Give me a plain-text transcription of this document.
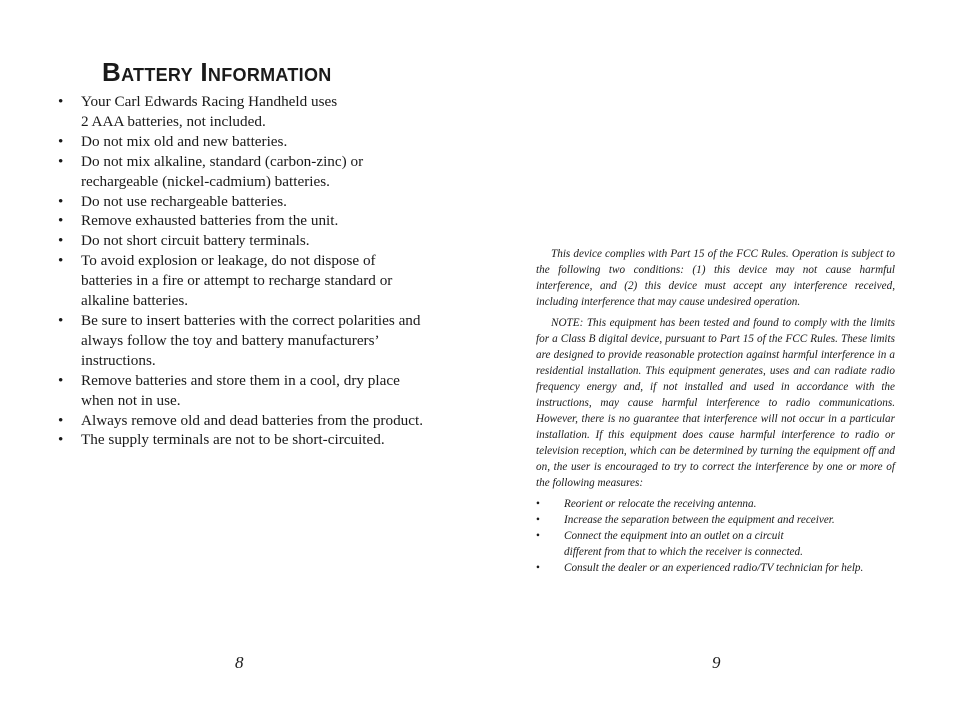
Battery Information
• Your Carl Edwards Racing Handheld uses
2 AAA batteries, not included.
• Do not mix old and new batteries.
• Do not mix alkaline, standard (carbon-zinc) or rechargeable (nickel-cadmium) batteries.
• Do not use rechargeable batteries.
• Remove exhausted batteries from the unit.
• Do not short circuit battery terminals.
• To avoid explosion or leakage, do not dispose of batteries in a fire or attempt to recharge standard or alkaline batteries.
• Be sure to insert batteries with the correct polarities and always follow the toy and battery manufacturers’ instructions.
• Remove batteries and store them in a cool, dry place when not in use.
• Always remove old and dead batteries from the product.
• The supply terminals are not to be short-circuited.
8

This device complies with Part 15 of the FCC Rules. Operation is subject to the following two conditions: (1) this device may not cause harmful interference, and (2) this device must accept any interference received, including interference that may cause undesired operation.

NOTE: This equipment has been tested and found to comply with the limits for a Class B digital device, pursuant to Part 15 of the FCC Rules. These limits are designed to provide reasonable protection against harmful interference in a residential installation. This equipment generates, uses and can radiate radio frequency energy and, if not installed and used in accordance with the instructions, may cause harmful interference to radio communications. However, there is no guarantee that interference will not occur in a particular installation. If this equipment does cause harmful interference to radio or television reception, which can be determined by turning the equipment off and on, the user is encouraged to try to correct the interference by one or more of the following measures:

• Reorient or relocate the receiving antenna.
• Increase the separation between the equipment and receiver.
• Connect the equipment into an outlet on a circuit
different from that to which the receiver is connected.
• Consult the dealer or an experienced radio/TV technician for help.
9
